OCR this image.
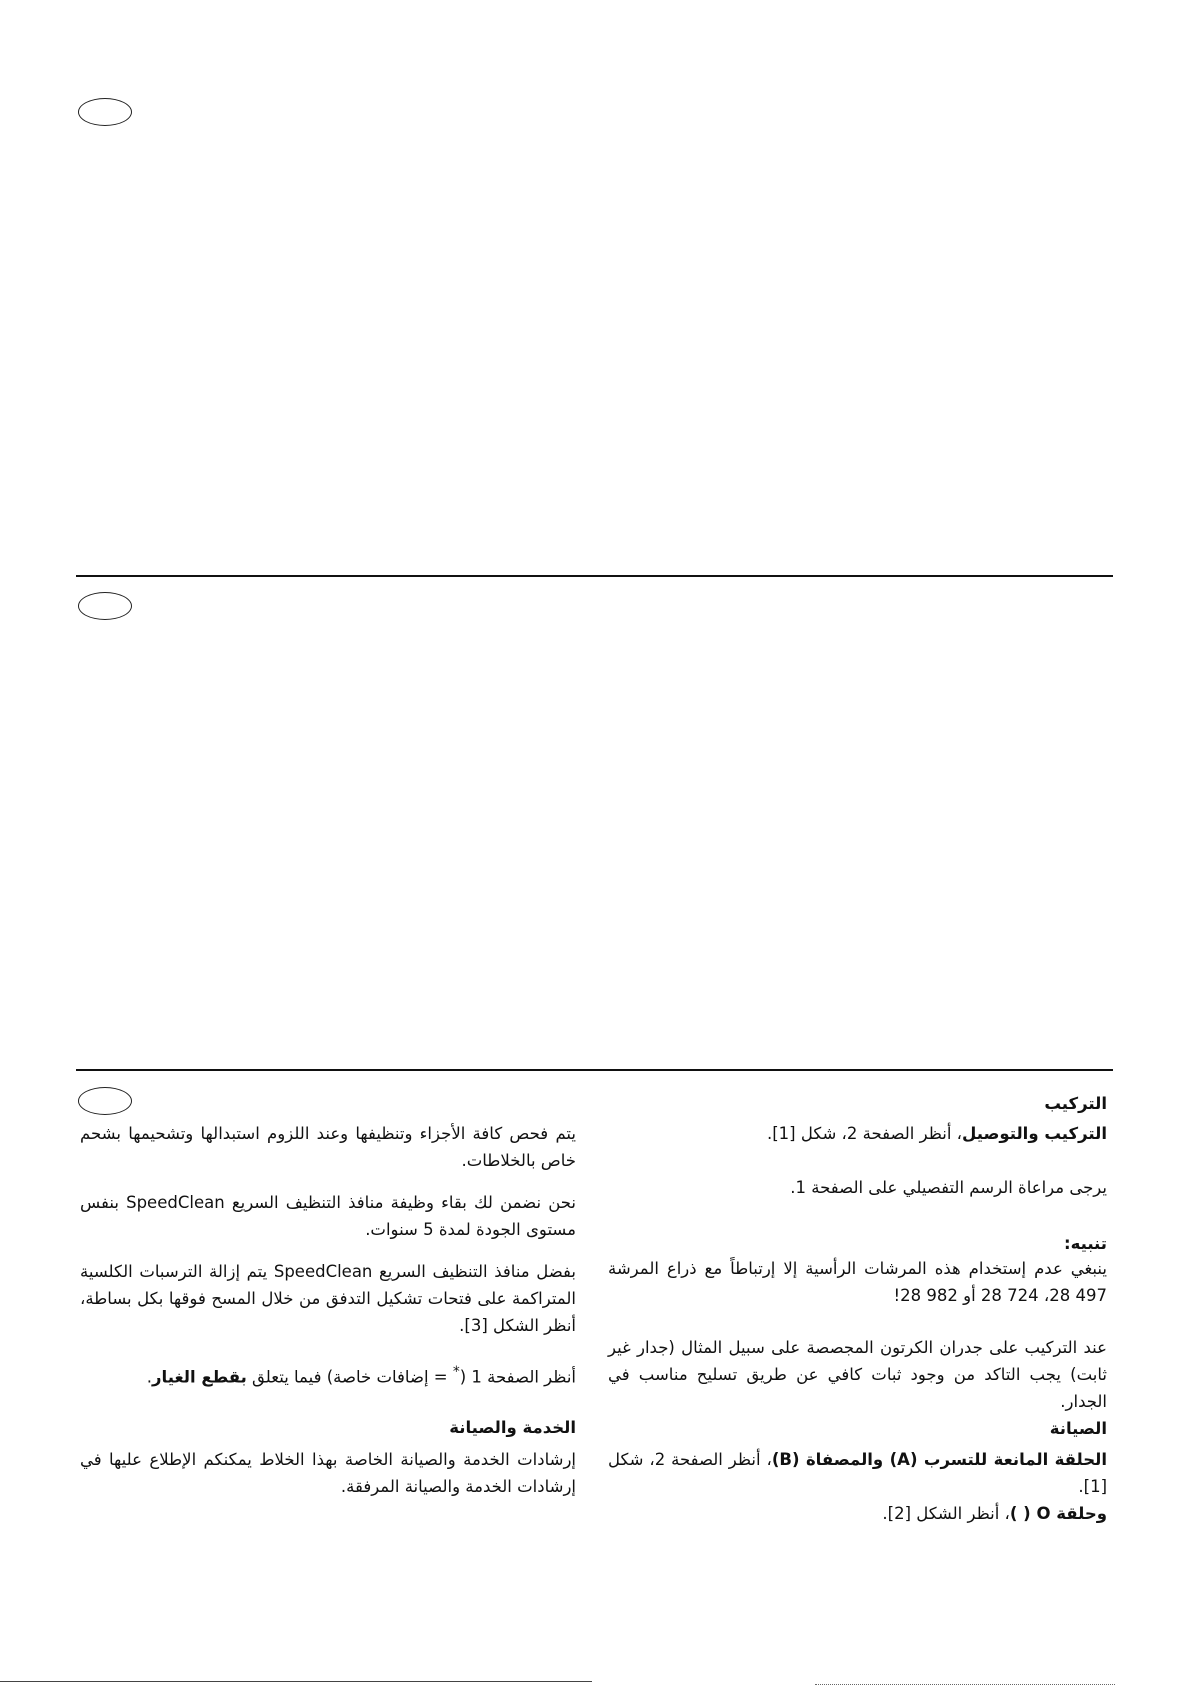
التركيب

التركيب والتوصيل، أنظر الصفحة 2، شكل [1].

يرجى مراعاة الرسم التفصيلي على الصفحة 1.

تنبيه:

ينبغي عدم إستخدام هذه المرشات الرأسية إلا إرتباطاً مع ذراع المرشة 497 28، 724 28 أو 982 28!

عند التركيب على جدران الكرتون المجصصة على سبيل المثال (جدار غير ثابت) يجب التاكد من وجود ثبات كافي عن طريق تسليح مناسب في الجدار.

الصيانة

الحلقة المانعة للتسرب (A) والمصفاة (B)، أنظر الصفحة 2، شكل [1].

وحلقة O ( )، أنظر الشكل [2].

يتم فحص كافة الأجزاء وتنظيفها وعند اللزوم استبدالها وتشحيمها بشحم خاص بالخلاطات.

نحن نضمن لك بقاء وظيفة منافذ التنظيف السريع SpeedClean بنفس مستوى الجودة لمدة 5 سنوات.

بفضل منافذ التنظيف السريع SpeedClean يتم إزالة الترسبات الكلسية المتراكمة على فتحات تشكيل التدفق من خلال المسح فوقها بكل بساطة، أنظر الشكل [3].

أنظر الصفحة 1 (* = إضافات خاصة) فيما يتعلق بقطع الغيار.

الخدمة والصيانة

إرشادات الخدمة والصيانة الخاصة بهذا الخلاط يمكنكم الإطلاع عليها في إرشادات الخدمة والصيانة المرفقة.
